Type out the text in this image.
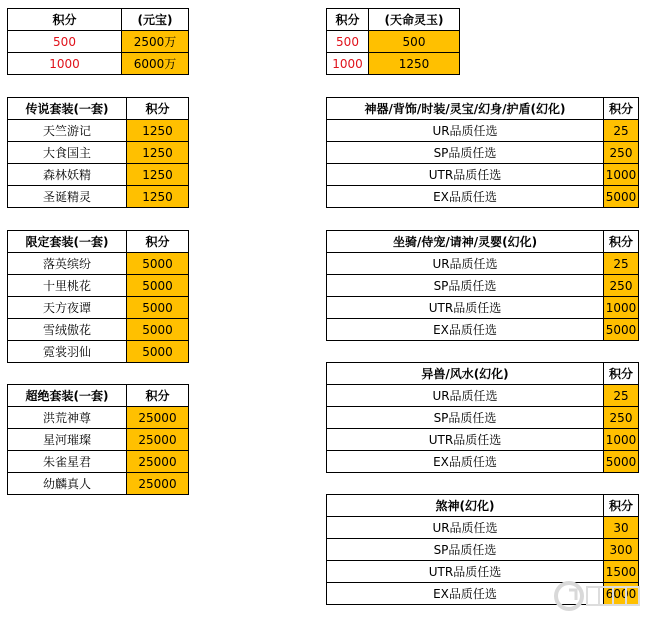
积分	(元宝)
500	2500万
1000	6000万
积分	(天命灵玉)
500	500
1000	1250
传说套装(一套)	积分
天竺游记	1250
大食国主	1250
森林妖精	1250
圣诞精灵	1250
限定套装(一套)	积分
落英缤纷	5000
十里桃花	5000
天方夜谭	5000
雪绒傲花	5000
霓裳羽仙	5000
超绝套装(一套)	积分
洪荒神尊	25000
星河璀璨	25000
朱雀星君	25000
幼麟真人	25000
神器/背饰/时装/灵宝/幻身/护盾(幻化)	积分
UR品质任选	25
SP品质任选	250
UTR品质任选	1000
EX品质任选	5000
坐骑/侍宠/请神/灵婴(幻化)	积分
UR品质任选	25
SP品质任选	250
UTR品质任选	1000
EX品质任选	5000
异兽/风水(幻化)	积分
UR品质任选	25
SP品质任选	250
UTR品质任选	1000
EX品质任选	5000
煞神(幻化)	积分
UR品质任选	30
SP品质任选	300
UTR品质任选	1500
EX品质任选	6000
